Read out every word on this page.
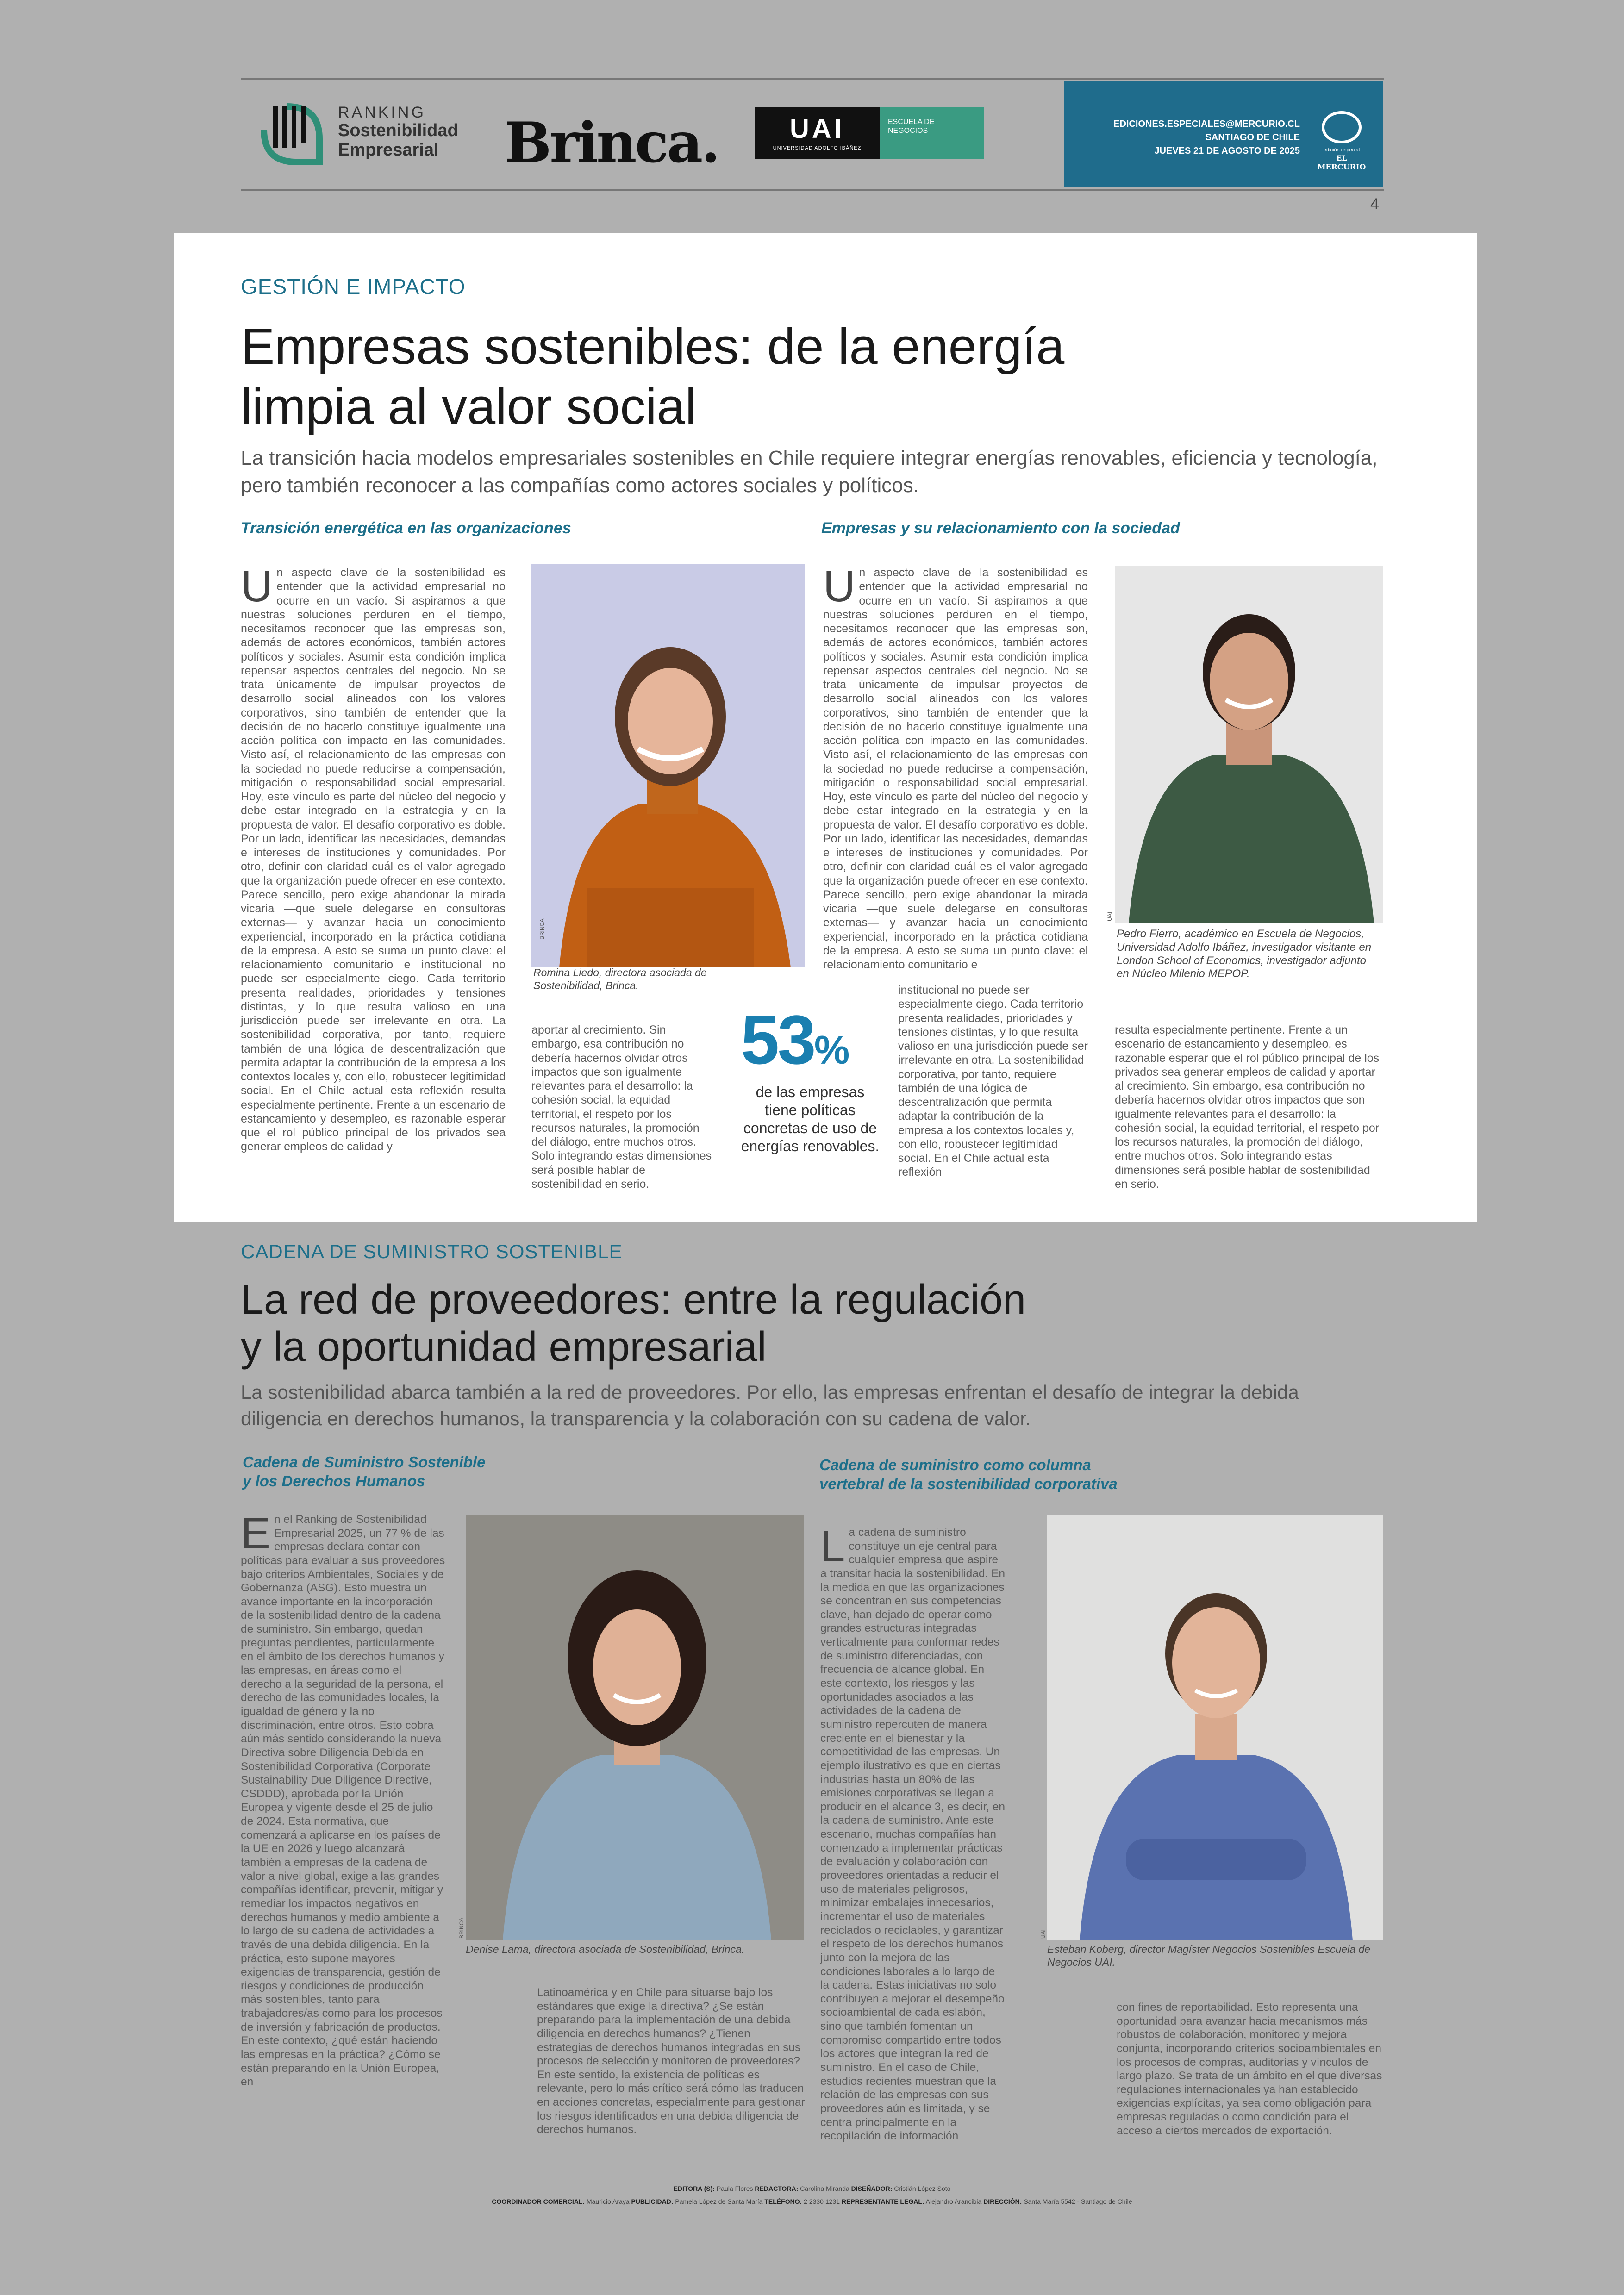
RANKING
Sostenibilidad
Empresarial	Brinca.	UAI
UNIVERSIDAD ADOLFO IBÁÑEZ
ESCUELA DE NEGOCIOS
EDICIONES.ESPECIALES@MERCURIO.CL
SANTIAGO DE CHILE
JUEVES 21 DE AGOSTO DE 2025	edición especial
EL MERCURIO
4
GESTIÓN E IMPACTO
Empresas sostenibles: de la energía
limpia al valor social
La transición hacia modelos empresariales sostenibles en Chile requiere integrar energías renovables, eficiencia y tecnología, pero también reconocer a las compañías como actores sociales y políticos.
Transición energética en las organizaciones	Empresas y su relacionamiento con la sociedad
U n aspecto clave de la sostenibilidad es entender que la actividad empresarial no ocurre en un vacío. Si aspiramos a que nuestras soluciones perduren en el tiempo, necesitamos reconocer que las empresas son, además de actores económicos, también actores políticos y sociales. Asumir esta condición implica repensar aspectos centrales del negocio. No se trata únicamente de impulsar proyectos de desarrollo social alineados con los valores corporativos, sino también de entender que la decisión de no hacerlo constituye igualmente una acción política con impacto en las comunidades. Visto así, el relacionamiento de las empresas con la sociedad no puede reducirse a compensación, mitigación o responsabilidad social empresarial. Hoy, este vínculo es parte del núcleo del negocio y debe estar integrado en la estrategia y en la propuesta de valor. El desafío corporativo es doble. Por un lado, identificar las necesidades, demandas e intereses de instituciones y comunidades. Por otro, definir con claridad cuál es el valor agregado que la organización puede ofrecer en ese contexto. Parece sencillo, pero exige abandonar la mirada vicaria —que suele delegarse en consultoras externas— y avanzar hacia un conocimiento experiencial, incorporado en la práctica cotidiana de la empresa. A esto se suma un punto clave: el relacionamiento comunitario e institucional no puede ser especialmente ciego. Cada territorio presenta realidades, prioridades y tensiones distintas, y lo que resulta valioso en una jurisdicción puede ser irrelevante en otra. La sostenibilidad corporativa, por tanto, requiere también de una lógica de descentralización que permita adaptar la contribución de la empresa a los contextos locales y, con ello, robustecer legitimidad social. En el Chile actual esta reflexión resulta especialmente pertinente. Frente a un escenario de estancamiento y desempleo, es razonable esperar que el rol público principal de los privados sea generar empleos de calidad y

Romina Liedo, directora asociada de Sostenibilidad, Brinca.
BRINCA

aportar al crecimiento. Sin embargo, esa contribución no debería hacernos olvidar otros impactos que son igualmente relevantes para el desarrollo: la cohesión social, la equidad territorial, el respeto por los recursos naturales, la promoción del diálogo, entre muchos otros. Solo integrando estas dimensiones será posible hablar de sostenibilidad en serio.

53%
de las empresas tiene políticas concretas de uso de energías renovables.
U n aspecto clave de la sostenibilidad es entender que la actividad empresarial no ocurre en un vacío. Si aspiramos a que nuestras soluciones perduren en el tiempo, necesitamos reconocer que las empresas son, además de actores económicos, también actores políticos y sociales. Asumir esta condición implica repensar aspectos centrales del negocio. No se trata únicamente de impulsar proyectos de desarrollo social alineados con los valores corporativos, sino también de entender que la decisión de no hacerlo constituye igualmente una acción política con impacto en las comunidades. Visto así, el relacionamiento de las empresas con la sociedad no puede reducirse a compensación, mitigación o responsabilidad social empresarial. Hoy, este vínculo es parte del núcleo del negocio y debe estar integrado en la estrategia y en la propuesta de valor. El desafío corporativo es doble. Por un lado, identificar las necesidades, demandas e intereses de instituciones y comunidades. Por otro, definir con claridad cuál es el valor agregado que la organización puede ofrecer en ese contexto. Parece sencillo, pero exige abandonar la mirada vicaria —que suele delegarse en consultoras externas— y avanzar hacia un conocimiento experiencial, incorporado en la práctica cotidiana de la empresa. A esto se suma un punto clave: el relacionamiento comunitario e

institucional no puede ser especialmente ciego. Cada territorio presenta realidades, prioridades y tensiones distintas, y lo que resulta valioso en una jurisdicción puede ser irrelevante en otra. La sostenibilidad corporativa, por tanto, requiere también de una lógica de descentralización que permita adaptar la contribución de la empresa a los contextos locales y, con ello, robustecer legitimidad social. En el Chile actual esta reflexión

Pedro Fierro, académico en Escuela de Negocios, Universidad Adolfo Ibáñez, investigador visitante en London School of Economics, investigador adjunto en Núcleo Milenio MEPOP.
UAI

resulta especialmente pertinente. Frente a un escenario de estancamiento y desempleo, es razonable esperar que el rol público principal de los privados sea generar empleos de calidad y aportar al crecimiento. Sin embargo, esa contribución no debería hacernos olvidar otros impactos que son igualmente relevantes para el desarrollo: la cohesión social, la equidad territorial, el respeto por los recursos naturales, la promoción del diálogo, entre muchos otros. Solo integrando estas dimensiones será posible hablar de sostenibilidad en serio.

CADENA DE SUMINISTRO SOSTENIBLE
La red de proveedores: entre la regulación
y la oportunidad empresarial
La sostenibilidad abarca también a la red de proveedores. Por ello, las empresas enfrentan el desafío de integrar la debida diligencia en derechos humanos, la transparencia y la colaboración con su cadena de valor.
Cadena de Suministro Sostenible
y los Derechos Humanos
Cadena de suministro como columna
vertebral de la sostenibilidad corporativa
E n el Ranking de Sostenibilidad Empresarial 2025, un 77 % de las empresas declara contar con políticas para evaluar a sus proveedores bajo criterios Ambientales, Sociales y de Gobernanza (ASG). Esto muestra un avance importante en la incorporación de la sostenibilidad dentro de la cadena de suministro. Sin embargo, quedan preguntas pendientes, particularmente en el ámbito de los derechos humanos y las empresas, en áreas como el derecho a la seguridad de la persona, el derecho de las comunidades locales, la igualdad de género y la no discriminación, entre otros. Esto cobra aún más sentido considerando la nueva Directiva sobre Diligencia Debida en Sostenibilidad Corporativa (Corporate Sustainability Due Diligence Directive, CSDDD), aprobada por la Unión Europea y vigente desde el 25 de julio de 2024. Esta normativa, que comenzará a aplicarse en los países de la UE en 2026 y luego alcanzará también a empresas de la cadena de valor a nivel global, exige a las grandes compañías identificar, prevenir, mitigar y remediar los impactos negativos en derechos humanos y medio ambiente a lo largo de su cadena de actividades a través de una debida diligencia. En la práctica, esto supone mayores exigencias de transparencia, gestión de riesgos y condiciones de producción más sostenibles, tanto para trabajadores/as como para los procesos de inversión y fabricación de productos. En este contexto, ¿qué están haciendo las empresas en la práctica? ¿Cómo se están preparando en la Unión Europea, en

Denise Lama, directora asociada de Sostenibilidad, Brinca.
BRINCA

Latinoamérica y en Chile para situarse bajo los estándares que exige la directiva? ¿Se están preparando para la implementación de una debida diligencia en derechos humanos? ¿Tienen estrategias de derechos humanos integradas en sus procesos de selección y monitoreo de proveedores? En este sentido, la existencia de políticas es relevante, pero lo más crítico será cómo las traducen en acciones concretas, especialmente para gestionar los riesgos identificados en una debida diligencia de derechos humanos.

L a cadena de suministro constituye un eje central para cualquier empresa que aspire a transitar hacia la sostenibilidad. En la medida en que las organizaciones se concentran en sus competencias clave, han dejado de operar como grandes estructuras integradas verticalmente para conformar redes de suministro diferenciadas, con frecuencia de alcance global. En este contexto, los riesgos y las oportunidades asociados a las actividades de la cadena de suministro repercuten de manera creciente en el bienestar y la competitividad de las empresas. Un ejemplo ilustrativo es que en ciertas industrias hasta un 80% de las emisiones corporativas se llegan a producir en el alcance 3, es decir, en la cadena de suministro. Ante este escenario, muchas compañías han comenzado a implementar prácticas de evaluación y colaboración con proveedores orientadas a reducir el uso de materiales peligrosos, minimizar embalajes innecesarios, incrementar el uso de materiales reciclados o reciclables, y garantizar el respeto de los derechos humanos junto con la mejora de las condiciones laborales a lo largo de la cadena. Estas iniciativas no solo contribuyen a mejorar el desempeño socioambiental de cada eslabón, sino que también fomentan un compromiso compartido entre todos los actores que integran la red de suministro. En el caso de Chile, estudios recientes muestran que la relación de las empresas con sus proveedores aún es limitada, y se centra principalmente en la recopilación de información

Esteban Koberg, director Magíster Negocios Sostenibles Escuela de Negocios UAI.
UAI

con fines de reportabilidad. Esto representa una oportunidad para avanzar hacia mecanismos más robustos de colaboración, monitoreo y mejora conjunta, incorporando criterios socioambientales en los procesos de compras, auditorías y vínculos de largo plazo. Se trata de un ámbito en el que diversas regulaciones internacionales ya han establecido exigencias explícitas, ya sea como obligación para empresas reguladas o como condición para el acceso a ciertos mercados de exportación.

EDITORA (S): Paula Flores REDACTORA: Carolina Miranda DISEÑADOR: Cristián López Soto
COORDINADOR COMERCIAL: Mauricio Araya PUBLICIDAD: Pamela López de Santa María TELÉFONO: 2 2330 1231 REPRESENTANTE LEGAL: Alejandro Arancibia DIRECCIÓN: Santa María 5542 - Santiago de Chile
